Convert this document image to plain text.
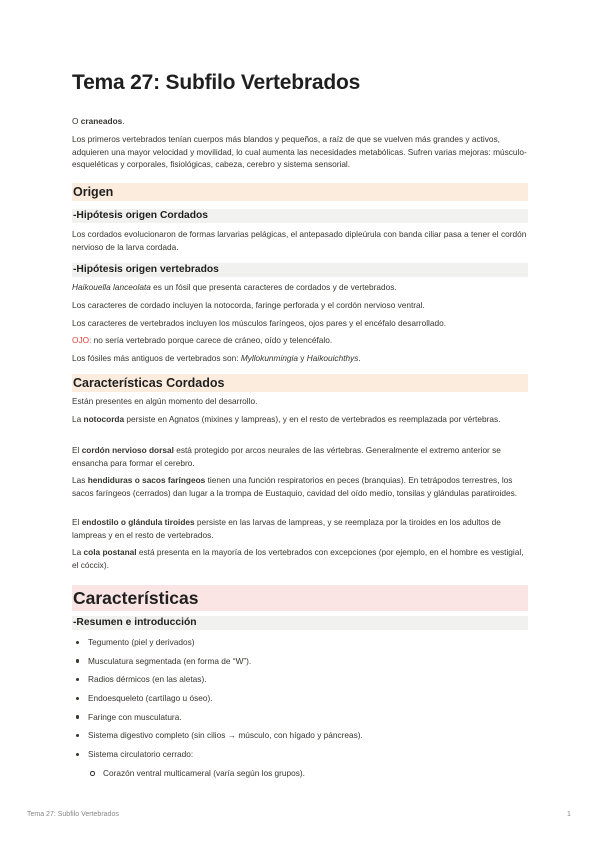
Tema 27: Subfilo Vertebrados

O craneados.

Los primeros vertebrados tenían cuerpos más blandos y pequeños, a raíz de que se vuelven más grandes y activos, adquieren una mayor velocidad y movilidad, lo cual aumenta las necesidades metabólicas. Sufren varias mejoras: músculo-esqueléticas y corporales, fisiológicas, cabeza, cerebro y sistema sensorial.

Origen
-Hipótesis origen Cordados

Los cordados evolucionaron de formas larvarias pelágicas, el antepasado dipleúrula con banda ciliar pasa a tener el cordón nervioso de la larva cordada.

-Hipótesis origen vertebrados

Haikouella lanceolata es un fósil que presenta caracteres de cordados y de vertebrados.

Los caracteres de cordado incluyen la notocorda, faringe perforada y el cordón nervioso ventral.

Los caracteres de vertebrados incluyen los músculos faríngeos, ojos pares y el encéfalo desarrollado.

OJO: no sería vertebrado porque carece de cráneo, oído y telencéfalo.

Los fósiles más antiguos de vertebrados son: Myllokunmingia y Haikouichthys.

Características Cordados

Están presentes en algún momento del desarrollo.

La notocorda persiste en Agnatos (mixines y lampreas), y en el resto de vertebrados es reemplazada por vértebras.

El cordón nervioso dorsal está protegido por arcos neurales de las vértebras. Generalmente el extremo anterior se ensancha para formar el cerebro.

Las hendiduras o sacos faríngeos tienen una función respiratorios en peces (branquias). En tetrápodos terrestres, los sacos faríngeos (cerrados) dan lugar a la trompa de Eustaquio, cavidad del oído medio, tonsilas y glándulas paratiroides.

El endostilo o glándula tiroides persiste en las larvas de lampreas, y se reemplaza por la tiroides en los adultos de lampreas y en el resto de vertebrados.

La cola postanal está presenta en la mayoría de los vertebrados con excepciones (por ejemplo, en el hombre es vestigial, el cóccix).

Características
-Resumen e introducción
Tegumento (piel y derivados)
Musculatura segmentada (en forma de “W”).
Radios dérmicos (en las aletas).
Endoesqueleto (cartílago u óseo).
Faringe con musculatura.
Sistema digestivo completo (sin cilios → músculo, con hígado y páncreas).
Sistema circulatorio cerrado:
Corazón ventral multicameral (varía según los grupos).
Tema 27: Subfilo Vertebrados	1
